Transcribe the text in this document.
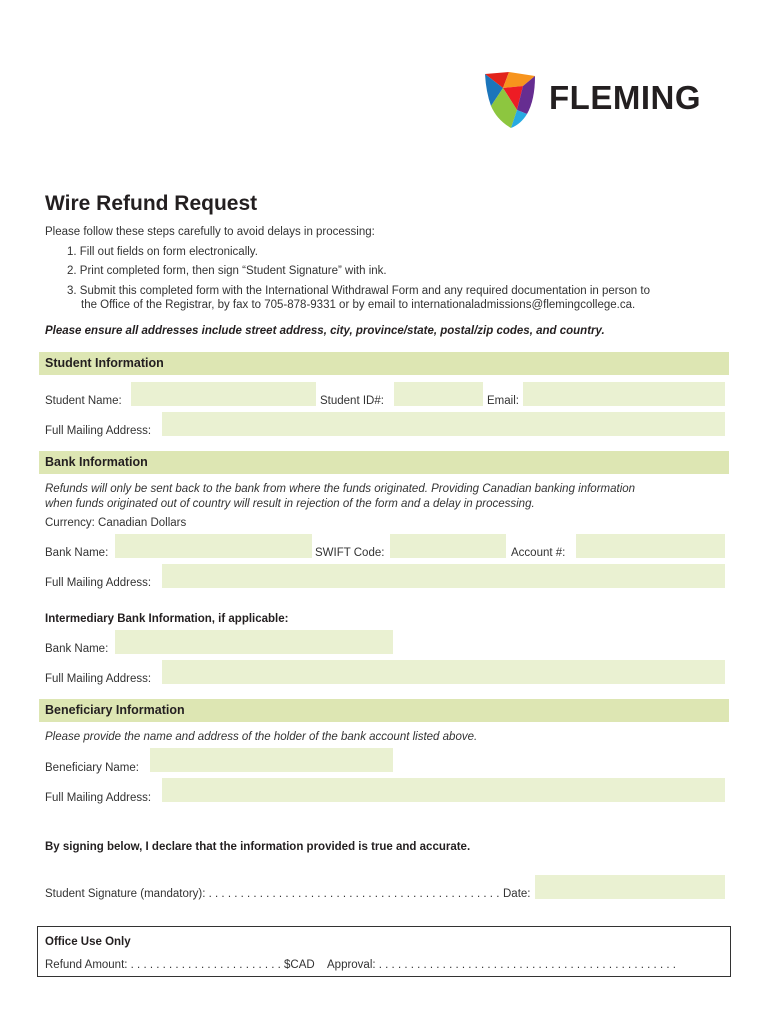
FLEMING
Wire Refund Request
Please follow these steps carefully to avoid delays in processing:
1. Fill out fields on form electronically.
2. Print completed form, then sign “Student Signature” with ink.
3. Submit this completed form with the International Withdrawal Form and any required documentation in person to
the Office of the Registrar, by fax to 705-878-9331 or by email to internationaladmissions@flemingcollege.ca.
Please ensure all addresses include street address, city, province/state, postal/zip codes, and country.
Student Information
Student Name:	Student ID#:	Email:
Full Mailing Address:
Bank Information
Refunds will only be sent back to the bank from where the funds originated. Providing Canadian banking information
when funds originated out of country will result in rejection of the form and a delay in processing.
Currency: Canadian Dollars
Bank Name:	SWIFT Code:	Account #:
Full Mailing Address:
Intermediary Bank Information, if applicable:
Bank Name:
Full Mailing Address:
Beneficiary Information
Please provide the name and address of the holder of the bank account listed above.
Beneficiary Name:
Full Mailing Address:
By signing below, I declare that the information provided is true and accurate.
Student Signature (mandatory): . . . . . . . . . . . . . . . . . . . . . . . . . . . . . . . . . . . . . . . . . . . . . . Date:
Office Use Only
Refund Amount: . . . . . . . . . . . . . . . . . . . . . . . . $CAD Approval: . . . . . . . . . . . . . . . . . . . . . . . . . . . . . . . . . . . . . . . . . . . . . . .
